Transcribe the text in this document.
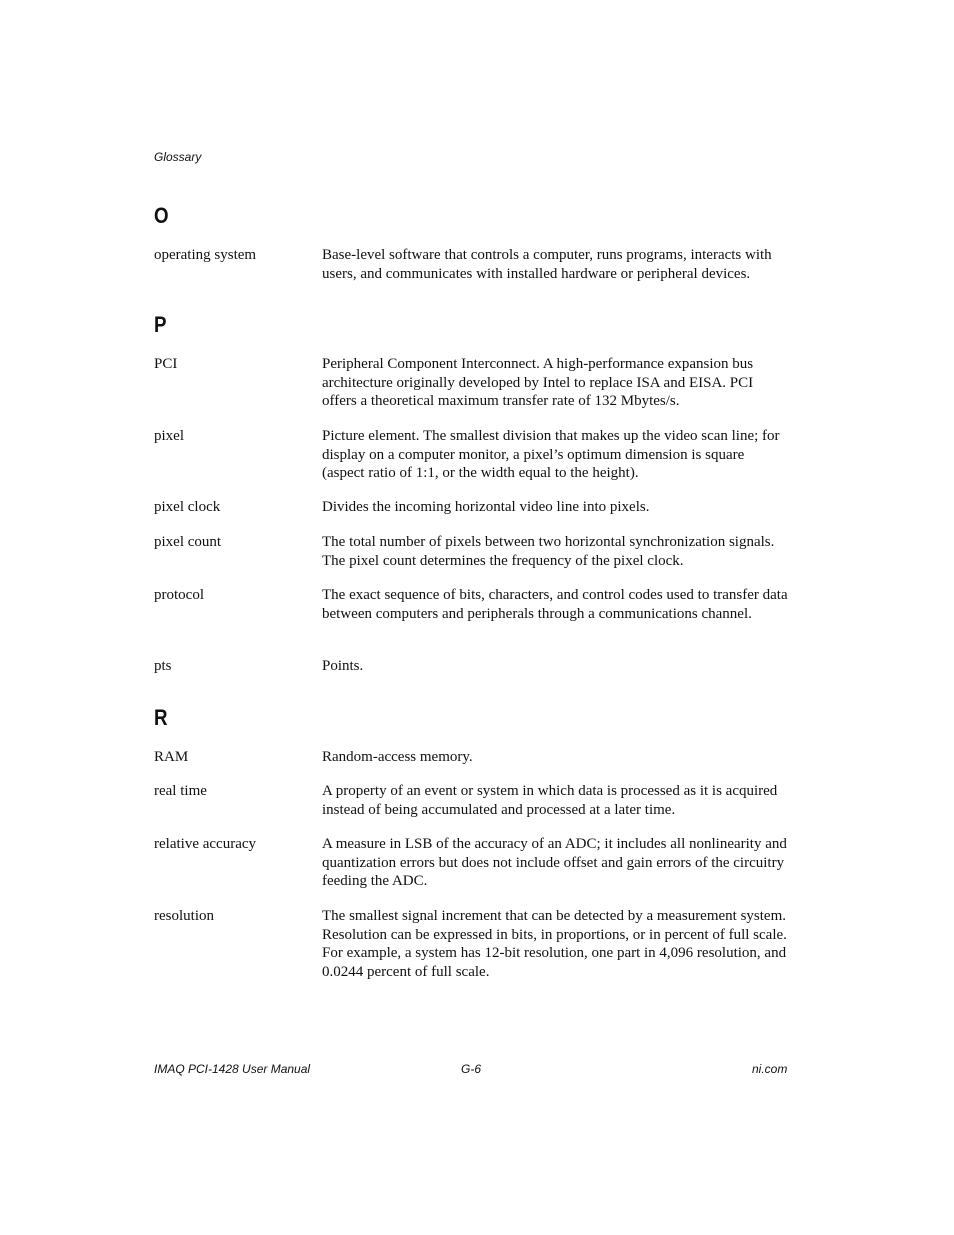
Glossary
O
operating system	Base-level software that controls a computer, runs programs, interacts with users, and communicates with installed hardware or peripheral devices.
P
PCI	Peripheral Component Interconnect. A high-performance expansion bus architecture originally developed by Intel to replace ISA and EISA. PCI offers a theoretical maximum transfer rate of 132 Mbytes/s.
pixel	Picture element. The smallest division that makes up the video scan line; for display on a computer monitor, a pixel’s optimum dimension is square (aspect ratio of 1:1, or the width equal to the height).
pixel clock	Divides the incoming horizontal video line into pixels.
pixel count	The total number of pixels between two horizontal synchronization signals. The pixel count determines the frequency of the pixel clock.
protocol	The exact sequence of bits, characters, and control codes used to transfer data between computers and peripherals through a communications channel.
pts	Points.
R
RAM	Random-access memory.
real time	A property of an event or system in which data is processed as it is acquired instead of being accumulated and processed at a later time.
relative accuracy	A measure in LSB of the accuracy of an ADC; it includes all nonlinearity and quantization errors but does not include offset and gain errors of the circuitry feeding the ADC.
resolution	The smallest signal increment that can be detected by a measurement system. Resolution can be expressed in bits, in proportions, or in percent of full scale. For example, a system has 12-bit resolution, one part in 4,096 resolution, and 0.0244 percent of full scale.
IMAQ PCI-1428 User Manual	G-6	ni.com
